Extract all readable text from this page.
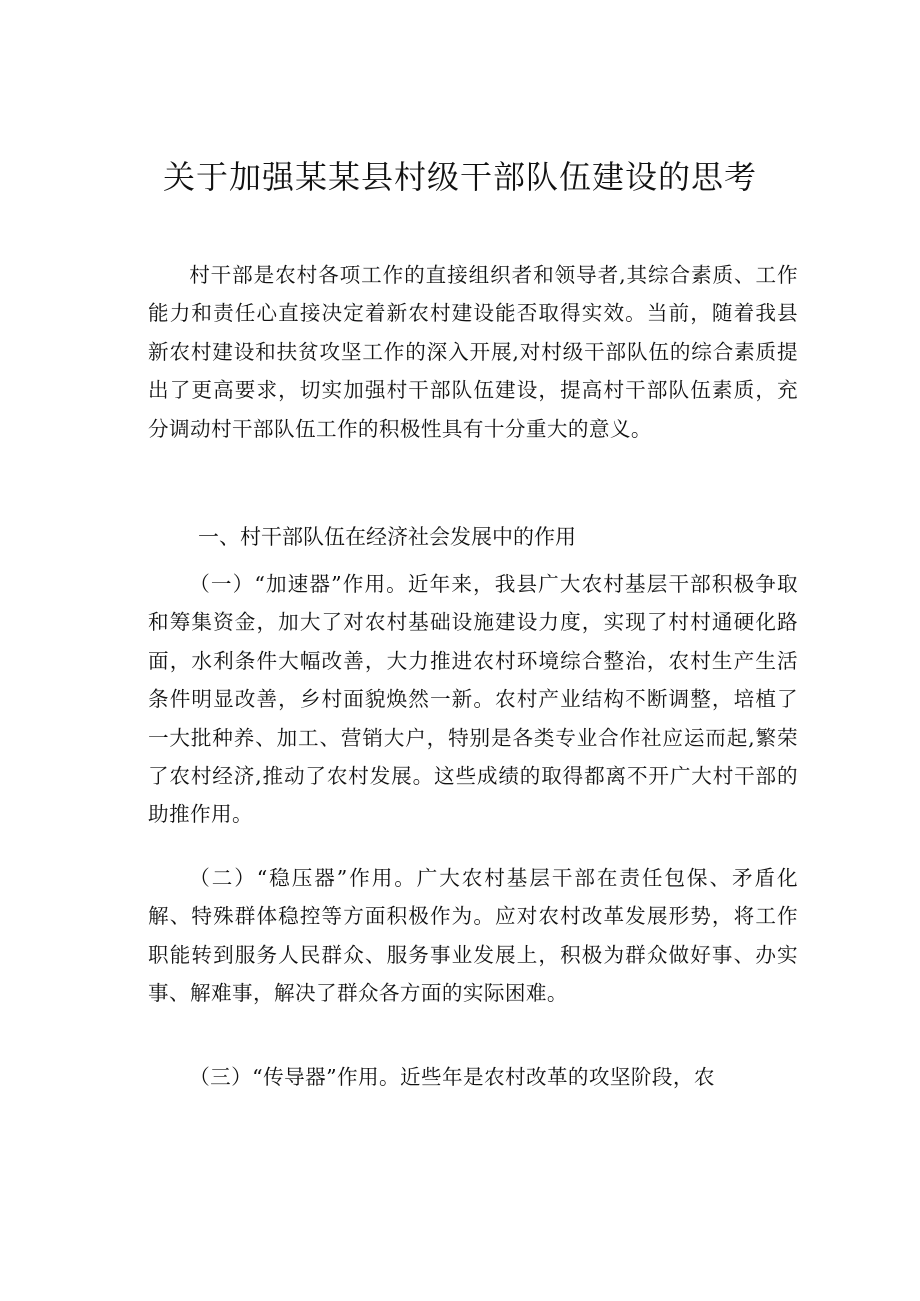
关于加强某某县村级干部队伍建设的思考

村干部是农村各项工作的直接组织者和领导者,其综合素质、工作能力和责任心直接决定着新农村建设能否取得实效。当前，随着我县新农村建设和扶贫攻坚工作的深入开展,对村级干部队伍的综合素质提出了更高要求，切实加强村干部队伍建设，提高村干部队伍素质，充分调动村干部队伍工作的积极性具有十分重大的意义。

一、村干部队伍在经济社会发展中的作用

（一）“加速器”作用。近年来，我县广大农村基层干部积极争取和筹集资金，加大了对农村基础设施建设力度，实现了村村通硬化路面，水利条件大幅改善，大力推进农村环境综合整治，农村生产生活条件明显改善，乡村面貌焕然一新。农村产业结构不断调整，培植了一大批种养、加工、营销大户，特别是各类专业合作社应运而起,繁荣了农村经济,推动了农村发展。这些成绩的取得都离不开广大村干部的助推作用。

（二）“稳压器”作用。广大农村基层干部在责任包保、矛盾化解、特殊群体稳控等方面积极作为。应对农村改革发展形势，将工作职能转到服务人民群众、服务事业发展上，积极为群众做好事、办实事、解难事，解决了群众各方面的实际困难。

（三）“传导器”作用。近些年是农村改革的攻坚阶段，农
